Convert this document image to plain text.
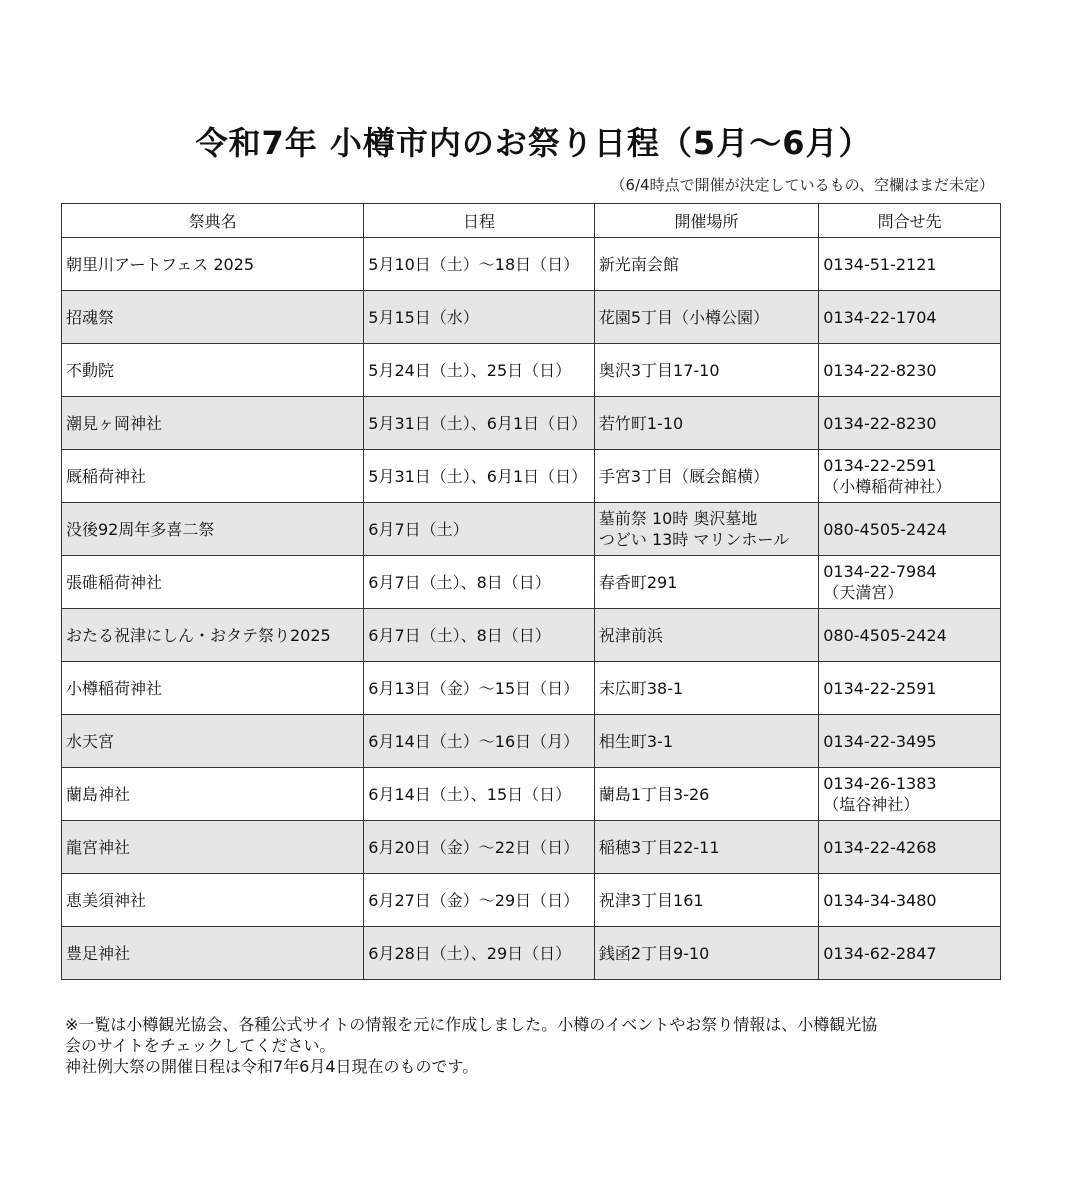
令和7年 小樽市内のお祭り日程（5月～6月）

（6/4時点で開催が決定しているもの、空欄はまだ未定）

祭典名	日程	開催場所	問合せ先
朝里川アートフェス 2025	5月10日（土）～18日（日）	新光南会館	0134-51-2121

招魂祭	5月15日（水）	花園5丁目（小樽公園）	0134-22-1704

不動院	5月24日（土）、25日（日）	奥沢3丁目17-10	0134-22-8230

潮見ヶ岡神社	5月31日（土）、6月1日（日）	若竹町1-10	0134-22-8230

厩稲荷神社	5月31日（土）、6月1日（日）	手宮3丁目（厩会館横）	0134-22-2591
（小樽稲荷神社）

没後92周年多喜二祭	6月7日（土）	墓前祭 10時 奥沢墓地
つどい 13時 マリンホール	080-4505-2424

張碓稲荷神社	6月7日（土）、8日（日）	春香町291	0134-22-7984
（天満宮）

おたる祝津にしん・おタテ祭り2025	6月7日（土）、8日（日）	祝津前浜	080-4505-2424

小樽稲荷神社	6月13日（金）～15日（日）	末広町38-1	0134-22-2591

水天宮	6月14日（土）～16日（月）	相生町3-1	0134-22-3495

蘭島神社	6月14日（土）、15日（日）	蘭島1丁目3-26	0134-26-1383
（塩谷神社）

龍宮神社	6月20日（金）～22日（日）	稲穂3丁目22-11	0134-22-4268

恵美須神社	6月27日（金）～29日（日）	祝津3丁目161	0134-34-3480

豊足神社	6月28日（土）、29日（日）	銭函2丁目9-10	0134-62-2847

※一覧は小樽観光協会、各種公式サイトの情報を元に作成しました。小樽のイベントやお祭り情報は、小樽観光協

会のサイトをチェックしてください。

神社例大祭の開催日程は令和7年6月4日現在のものです。
